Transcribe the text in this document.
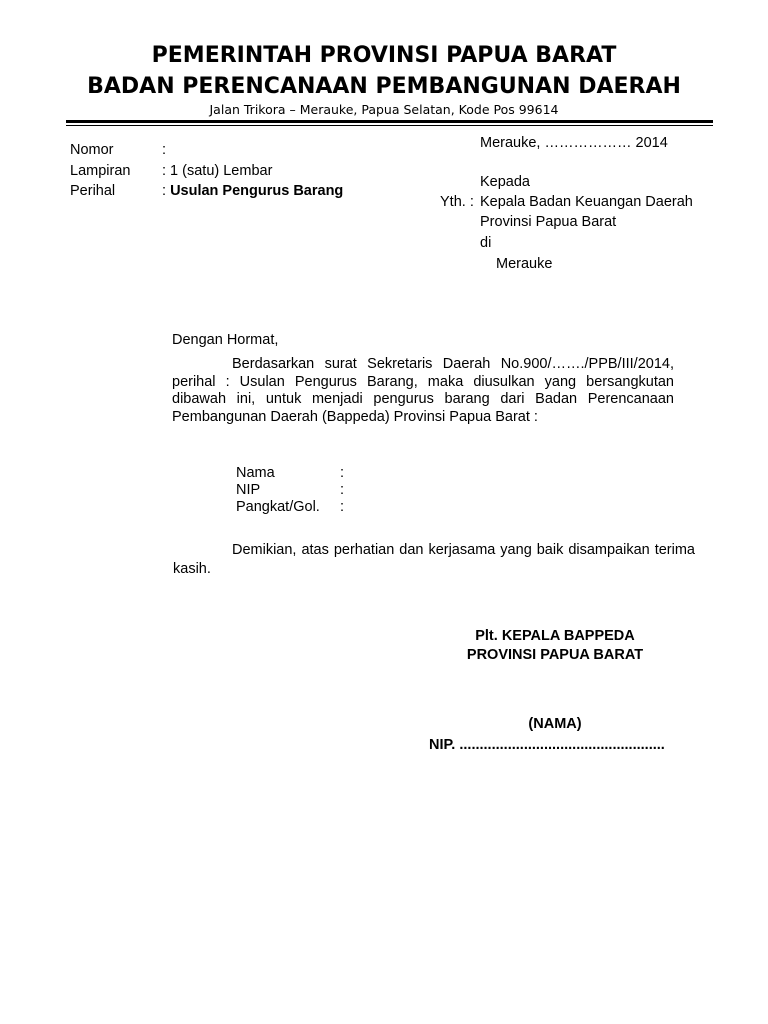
PEMERINTAH PROVINSI PAPUA BARAT
BADAN PERENCANAAN PEMBANGUNAN DAERAH
Jalan Trikora – Merauke, Papua Selatan, Kode Pos 99614
Nomor	:
Lampiran : 1 (satu) Lembar
Perihal	: Usulan Pengurus Barang
Merauke, ……………… 2014
Kepada
Yth. : Kepala Badan Keuangan Daerah
Provinsi Papua Barat
di
Merauke
Dengan Hormat,
Berdasarkan surat Sekretaris Daerah No.900/……./PPB/III/2014, perihal : Usulan Pengurus Barang, maka diusulkan yang bersangkutan dibawah ini, untuk menjadi pengurus barang dari Badan Perencanaan Pembangunan Daerah (Bappeda) Provinsi Papua Barat :
Nama	:
NIP	:
Pangkat/Gol. :
Demikian, atas perhatian dan kerjasama yang baik disampaikan terima kasih.
Plt. KEPALA BAPPEDA
PROVINSI PAPUA BARAT
(NAMA)
NIP. ...................................................
